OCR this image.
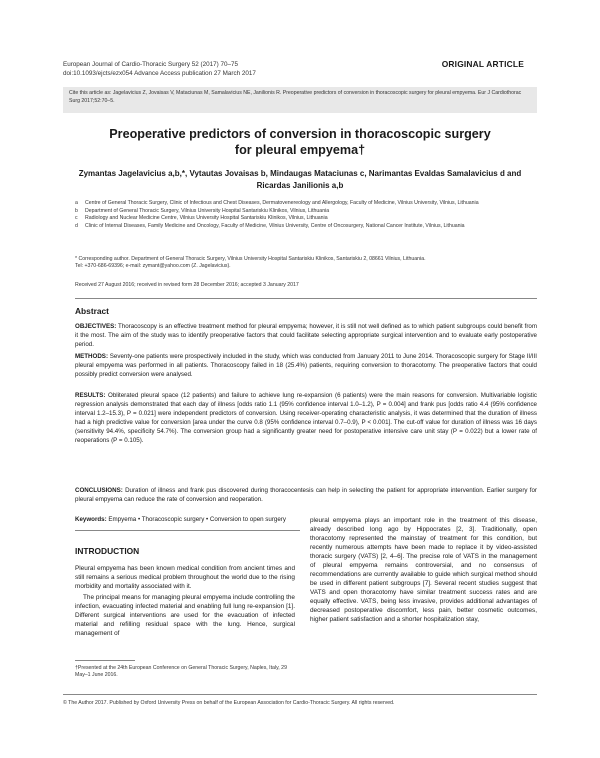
European Journal of Cardio-Thoracic Surgery 52 (2017) 70–75
doi:10.1093/ejcts/ezx054 Advance Access publication 27 March 2017
ORIGINAL ARTICLE
Cite this article as: Jagelavicius Z, Jovaisas V, Mataciunas M, Samalavicius NE, Janilionis R. Preoperative predictors of conversion in thoracoscopic surgery for pleural empyema. Eur J Cardiothorac Surg 2017;52:70–5.
Preoperative predictors of conversion in thoracoscopic surgery
for pleural empyema†
Zymantas Jagelavicius a,b,*, Vytautas Jovaisas b, Mindaugas Mataciunas c, Narimantas Evaldas Samalavicius d and
Ricardas Janilionis a,b
a	Centre of General Thoracic Surgery, Clinic of Infectious and Chest Diseases, Dermatovenereology and Allergology, Faculty of Medicine, Vilnius University, Vilnius, Lithuania
b	Department of General Thoracic Surgery, Vilnius University Hospital Santariskiu Klinikos, Vilnius, Lithuania
c	Radiology and Nuclear Medicine Centre, Vilnius University Hospital Santariskiu Klinikos, Vilnius, Lithuania
d	Clinic of Internal Diseases, Family Medicine and Oncology, Faculty of Medicine, Vilnius University, Centre of Oncosurgery, National Cancer Institute, Vilnius, Lithuania
* Corresponding author. Department of General Thoracic Surgery, Vilnius University Hospital Santariskiu Klinikos, Santariskiu 2, 08661 Vilnius, Lithuania.
Tel: +370-686-69396; e-mail: zymant@yahoo.com (Z. Jagelavicius).
Received 27 August 2016; received in revised form 28 December 2016; accepted 3 January 2017
Abstract
OBJECTIVES: Thoracoscopy is an effective treatment method for pleural empyema; however, it is still not well defined as to which patient subgroups could benefit from it the most. The aim of the study was to identify preoperative factors that could facilitate selecting appropriate surgical intervention and to evaluate early postoperative period.
METHODS: Seventy-one patients were prospectively included in the study, which was conducted from January 2011 to June 2014. Thoracoscopic surgery for Stage II/III pleural empyema was performed in all patients. Thoracoscopy failed in 18 (25.4%) patients, requiring conversion to thoracotomy. The preoperative factors that could possibly predict conversion were analysed.
RESULTS: Obliterated pleural space (12 patients) and failure to achieve lung re-expansion (6 patients) were the main reasons for conversion. Multivariable logistic regression analysis demonstrated that each day of illness [odds ratio 1.1 (95% confidence interval 1.0–1.2), P = 0.004] and frank pus [odds ratio 4.4 (95% confidence interval 1.2–15.3), P = 0.021] were independent predictors of conversion. Using receiver-operating characteristic analysis, it was determined that the duration of illness had a high predictive value for conversion [area under the curve 0.8 (95% confidence interval 0.7–0.9), P < 0.001]. The cut-off value for duration of illness was 16 days (sensitivity 94.4%, specificity 54.7%). The conversion group had a significantly greater need for postoperative intensive care unit stay (P = 0.022) but a lower rate of reoperations (P = 0.105).
CONCLUSIONS: Duration of illness and frank pus discovered during thoracocentesis can help in selecting the patient for appropriate intervention. Earlier surgery for pleural empyema can reduce the rate of conversion and reoperation.
Keywords: Empyema • Thoracoscopic surgery • Conversion to open surgery
INTRODUCTION

Pleural empyema has been known medical condition from ancient times and still remains a serious medical problem throughout the world due to the rising morbidity and mortality associated with it.

The principal means for managing pleural empyema include controlling the infection, evacuating infected material and enabling full lung re-expansion [1]. Different surgical interventions are used for the evacuation of infected material and refilling residual space with the lung. Hence, surgical management of

pleural empyema plays an important role in the treatment of this disease, already described long ago by Hippocrates [2, 3]. Traditionally, open thoracotomy represented the mainstay of treatment for this condition, but recently numerous attempts have been made to replace it by video-assisted thoracic surgery (VATS) [2, 4–6]. The precise role of VATS in the management of pleural empyema remains controversial, and no consensus of recommendations are currently available to guide which surgical method should be used in different patient subgroups [7]. Several recent studies suggest that VATS and open thoracotomy have similar treatment success rates and are equally effective. VATS, being less invasive, provides additional advantages of decreased postoperative discomfort, less pain, better cosmetic outcomes, higher patient satisfaction and a shorter hospitalization stay,

†Presented at the 24th European Conference on General Thoracic Surgery, Naples, Italy, 29 May–1 June 2016.
© The Author 2017. Published by Oxford University Press on behalf of the European Association for Cardio-Thoracic Surgery. All rights reserved.
